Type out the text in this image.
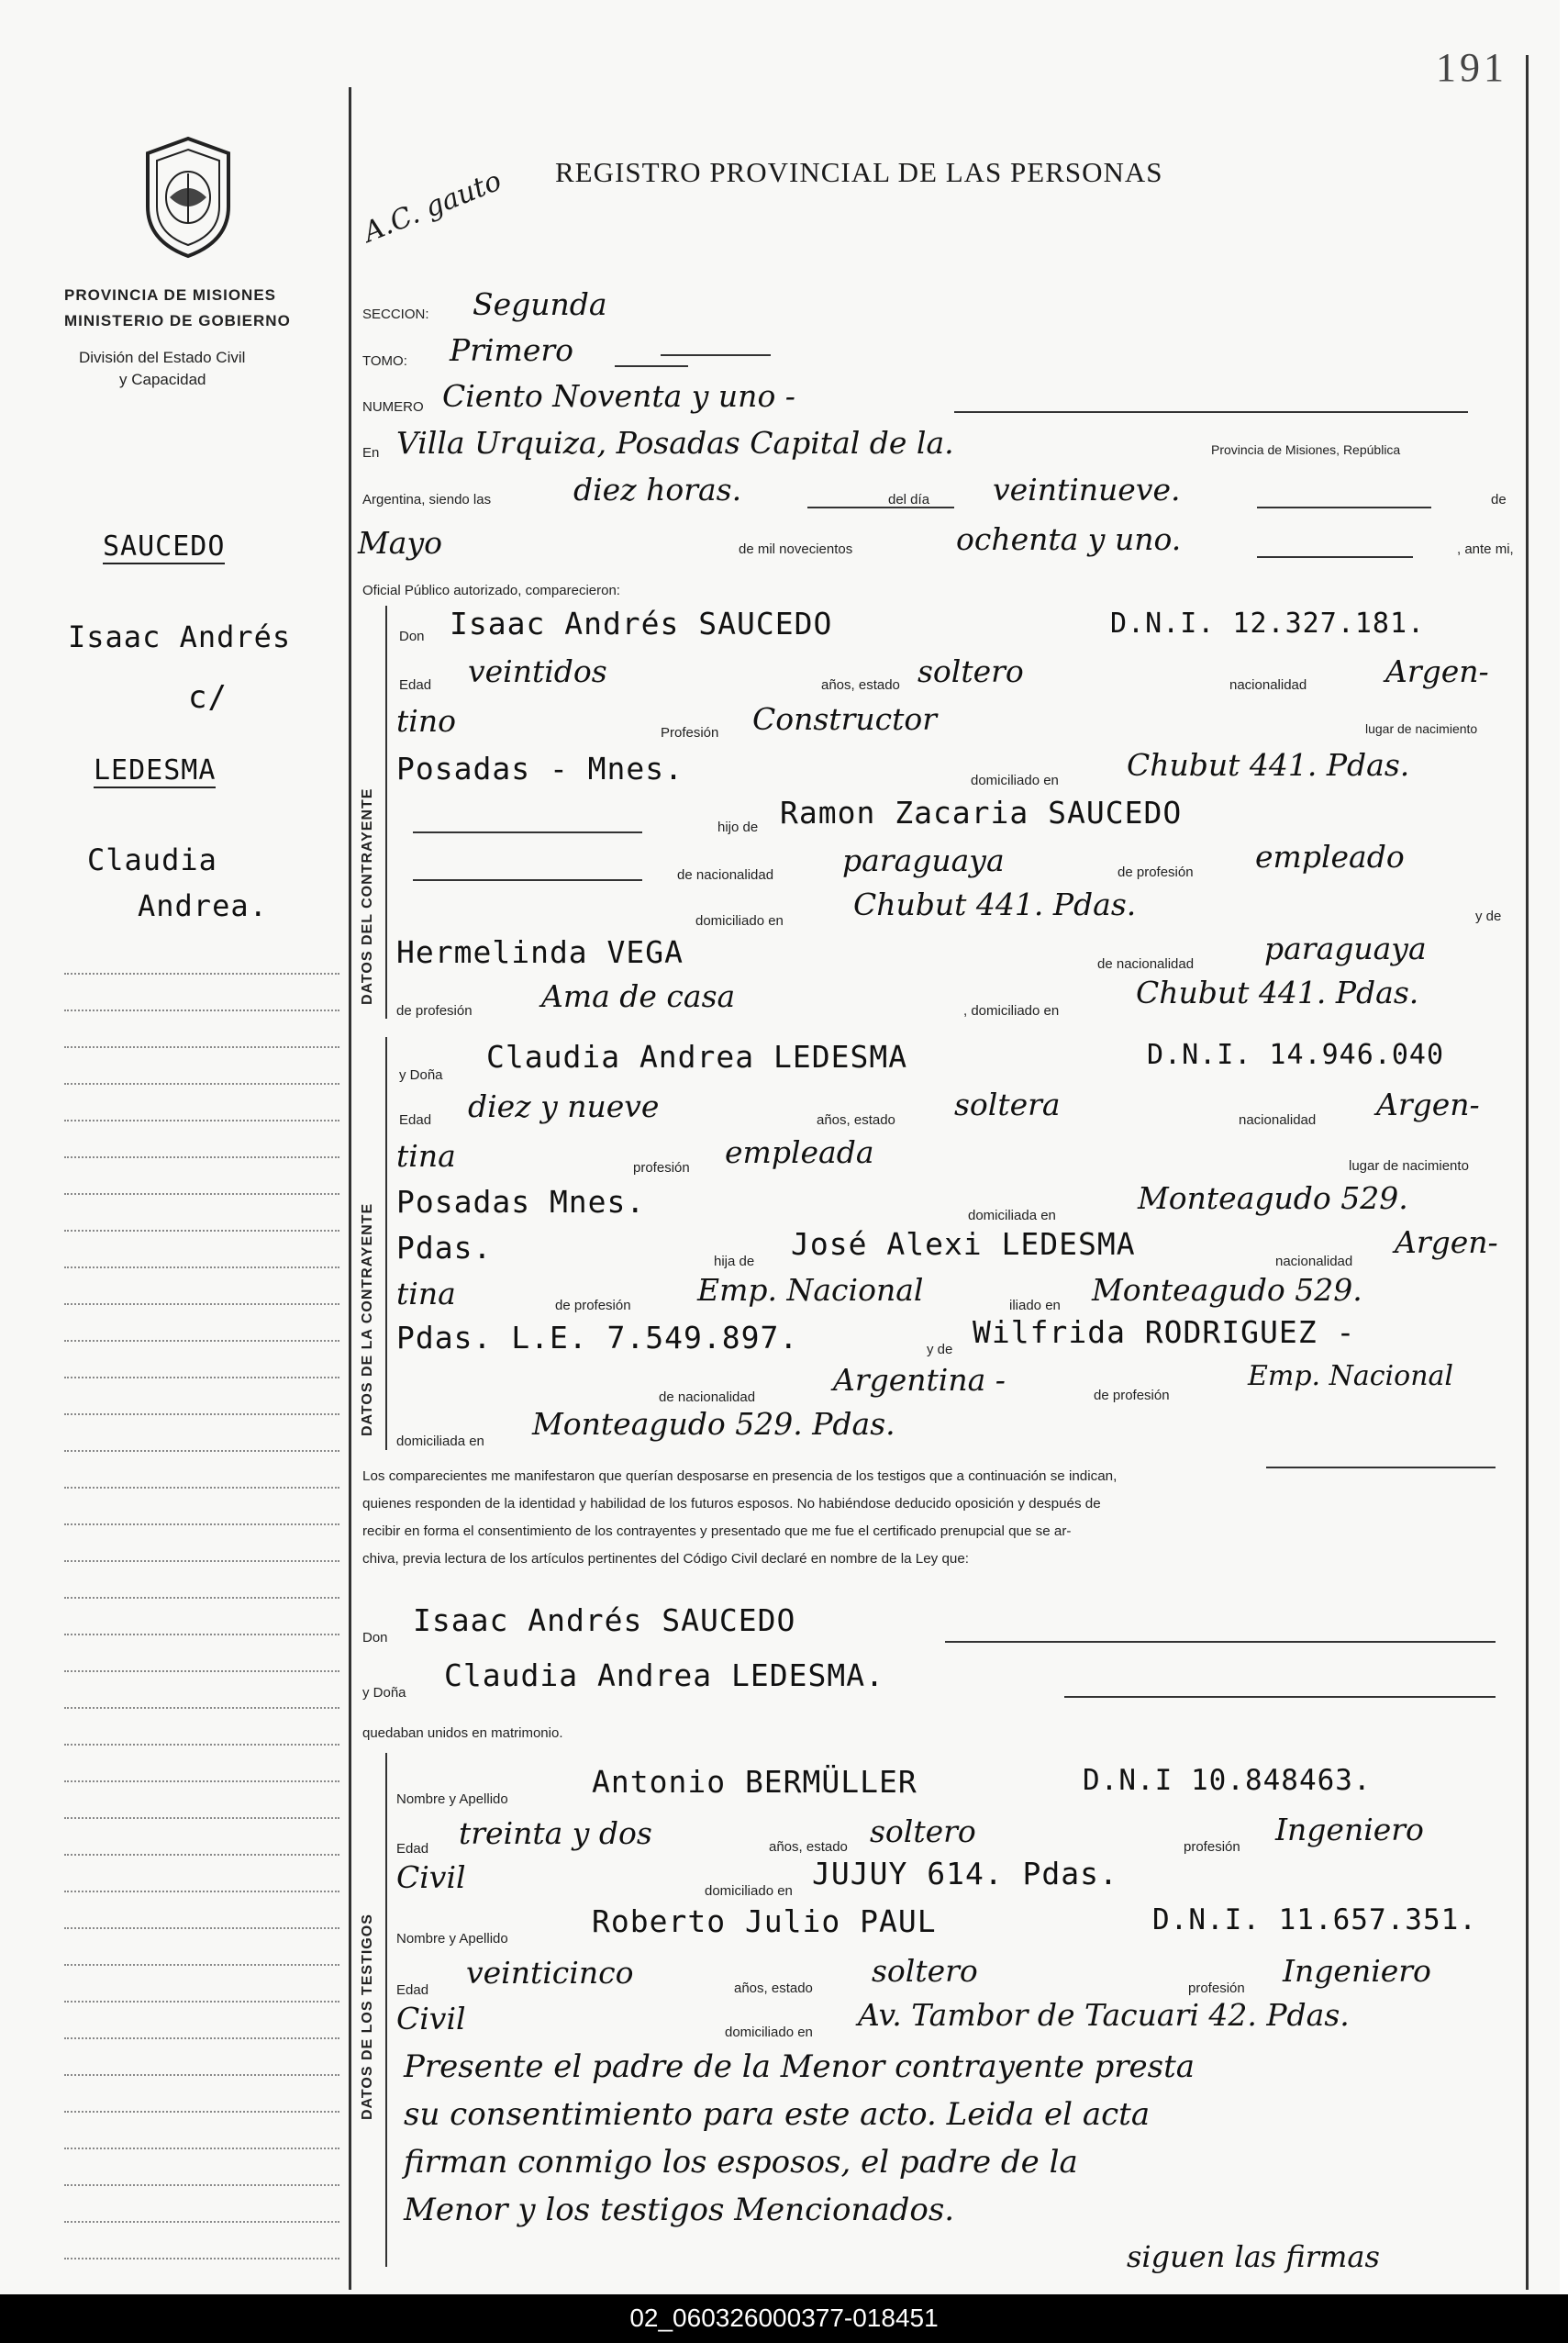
191
PROVINCIA DE MISIONES
MINISTERIO DE GOBIERNO
División del Estado Civil
y Capacidad
A.C. gauto REGISTRO PROVINCIAL DE LAS PERSONAS
SAUCEDO
Isaac Andrés
c/
LEDESMA
Claudia
Andrea.
SECCION: Segunda
TOMO: Primero
NUMERO Ciento Noventa y uno -
En Villa Urquiza, Posadas Capital de la.	Provincia de Misiones, República
Argentina, siendo las	diez horas.	del día veintinueve.	de
Mayo	de mil novecientos	ochenta y uno.	, ante mi,
Oficial Público autorizado, comparecieron:
DATOS DEL CONTRAYENTE
Don Isaac Andrés SAUCEDO	D.N.I. 12.327.181.
Edad veintidos	años, estado soltero	nacionalidad	Argen-
tino	Profesión Constructor	lugar de nacimiento
Posadas - Mnes.	domiciliado en Chubut 441. Pdas.
hijo de Ramon Zacaria SAUCEDO
de nacionalidad paraguaya	de profesión empleado
domiciliado en Chubut 441. Pdas.	y de
Hermelinda VEGA	de nacionalidad paraguaya
de profesión Ama de casa	, domiciliado en
Chubut 441. Pdas.
DATOS DE LA CONTRAYENTE
y Doña
Claudia Andrea LEDESMA	D.N.I. 14.946.040
Edad diez y nueve	años, estado soltera	nacionalidad Argen-
tina	profesión empleada	lugar de nacimiento
Posadas Mnes.	domiciliada en	Monteagudo 529.
Pdas.	hija de José Alexi LEDESMA	nacionalidad
Argen-
tina	de profesión Emp. Nacional	iliado en Monteagudo 529.
Pdas. L.E. 7.549.897.	y de Wilfrida RODRIGUEZ -
de nacionalidad	Argentina -	de profesión
Emp. Nacional
domiciliada en Monteagudo 529. Pdas.
Los comparecientes me manifestaron que querían desposarse en presencia de los testigos que a continuación se indican,
quienes responden de la identidad y habilidad de los futuros esposos. No habiéndose deducido oposición y después de
recibir en forma el consentimiento de los contrayentes y presentado que me fue el certificado prenupcial que se ar-
chiva, previa lectura de los artículos pertinentes del Código Civil declaré en nombre de la Ley que:
Don Isaac Andrés SAUCEDO
y Doña Claudia Andrea LEDESMA.
quedaban unidos en matrimonio.
DATOS DE LOS TESTIGOS
Nombre y Apellido	Antonio BERMÜLLER	D.N.I 10.848463.
Edad treinta y dos	años, estado soltero	profesión Ingeniero
Civil	domiciliado en JUJUY 614. Pdas.
Nombre y Apellido	Roberto Julio PAUL	D.N.I. 11.657.351.
Edad veinticinco	años, estado soltero	profesión Ingeniero
Civil	domiciliado en Av. Tambor de Tacuari 42. Pdas.
Presente el padre de la Menor contrayente presta
su consentimiento para este acto. Leida el acta
firman conmigo los esposos, el padre de la
Menor y los testigos Mencionados.
siguen las firmas
02_060326000377-018451
